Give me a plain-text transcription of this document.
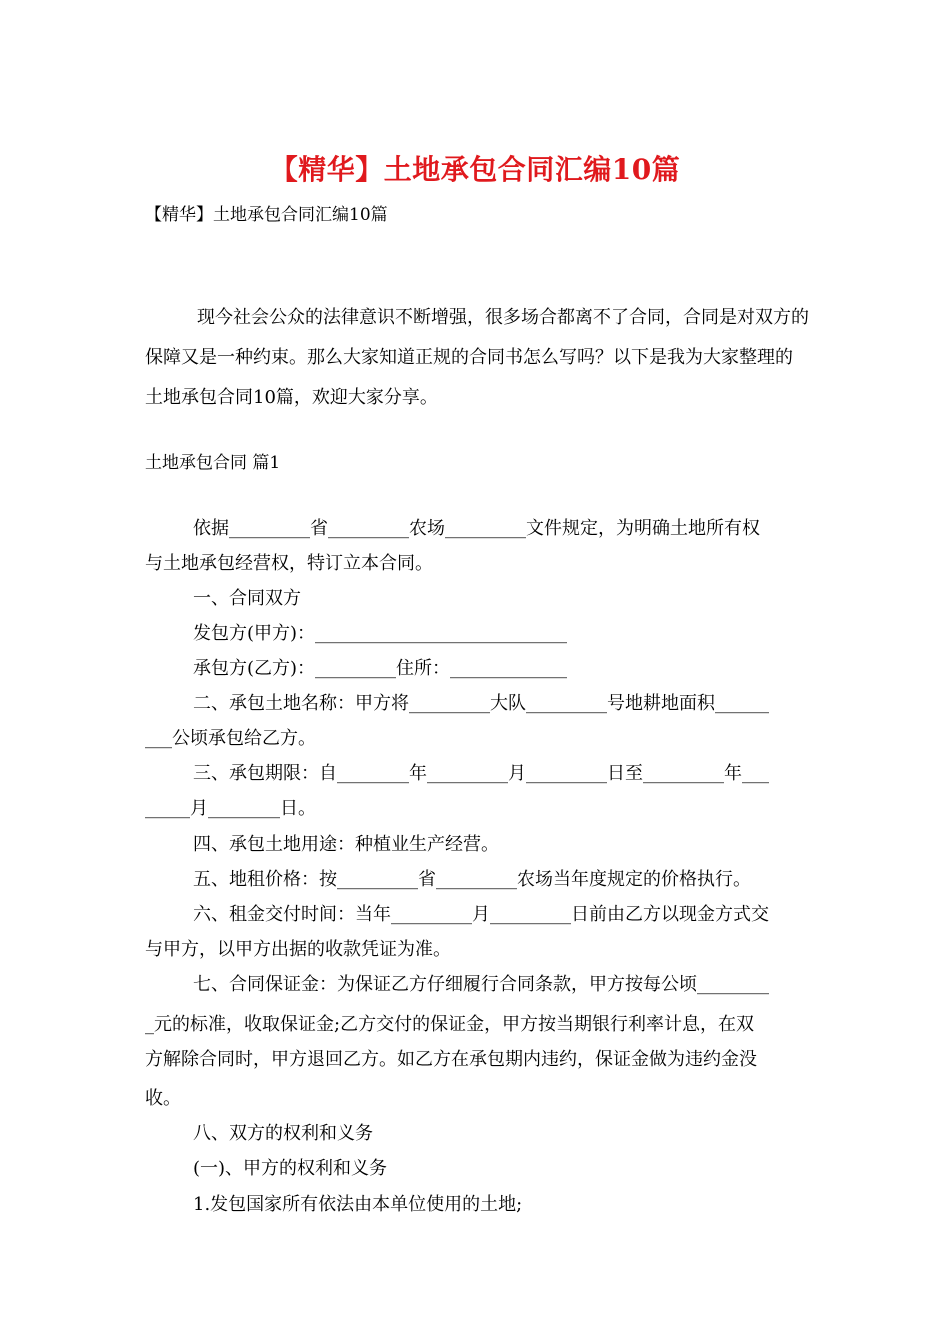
【精华】土地承包合同汇编10篇
【精华】土地承包合同汇编10篇

现今社会公众的法律意识不断增强，很多场合都离不了合同，合同是对双方的保障又是一种约束。那么大家知道正规的合同书怎么写吗？以下是我为大家整理的土地承包合同10篇，欢迎大家分享。

土地承包合同 篇1
依据_________省_________农场_________文件规定，为明确土地所有权
与土地承包经营权，特订立本合同。
一、合同双方
发包方(甲方)：____________________________
承包方(乙方)：_________住所：_____________
二、承包土地名称：甲方将_________大队_________号地耕地面积______
___公顷承包给乙方。
三、承包期限：自________年_________月_________日至_________年___
_____月________日。
四、承包土地用途：种植业生产经营。
五、地租价格：按_________省_________农场当年度规定的价格执行。
六、租金交付时间：当年_________月_________日前由乙方以现金方式交
与甲方，以甲方出据的收款凭证为准。
七、合同保证金：为保证乙方仔细履行合同条款，甲方按每公顷________
_元的标准，收取保证金;乙方交付的保证金，甲方按当期银行利率计息，在双
方解除合同时，甲方退回乙方。如乙方在承包期内违约，保证金做为违约金没
收。
八、双方的权利和义务
(一)、甲方的权利和义务
1.发包国家所有依法由本单位使用的土地;
